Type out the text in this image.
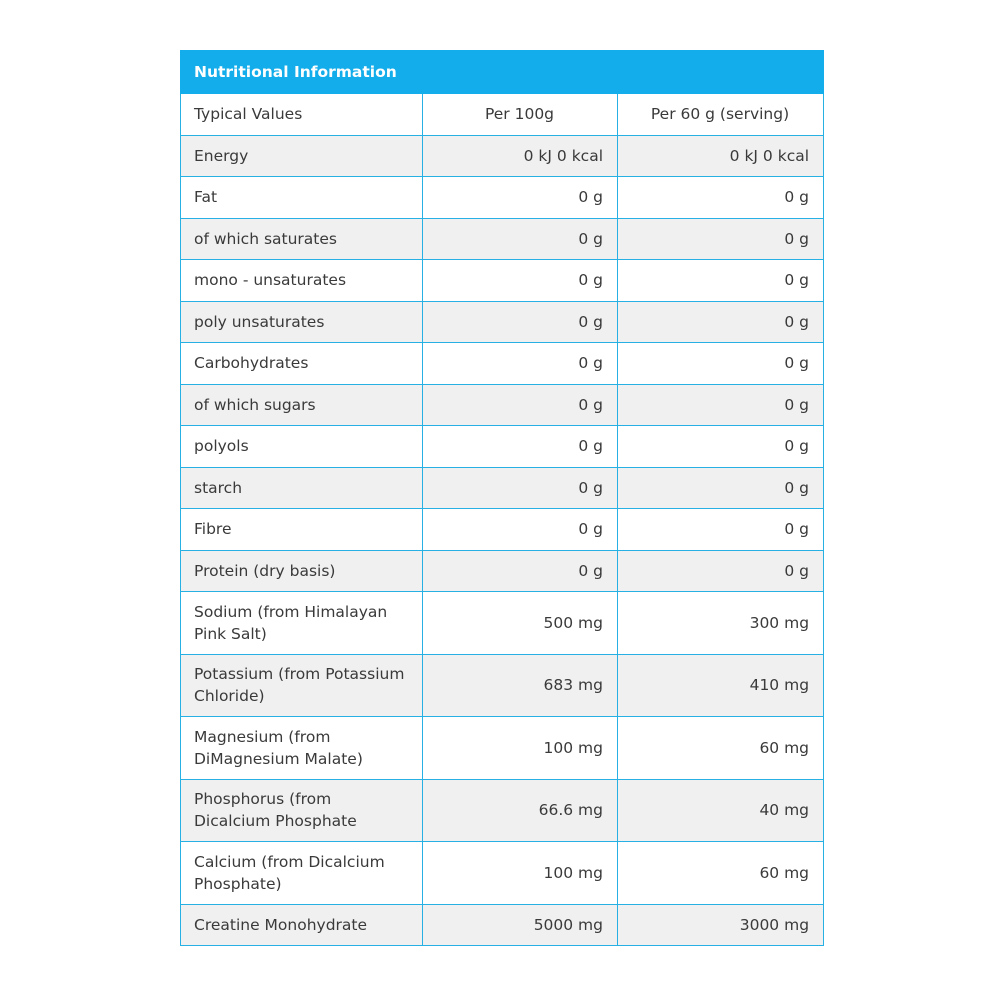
Nutritional Information		
Typical Values	Per 100g	Per 60 g (serving)
Energy	0 kJ 0 kcal	0 kJ 0 kcal
Fat	0 g	0 g
of which saturates	0 g	0 g
mono - unsaturates	0 g	0 g
poly unsaturates	0 g	0 g
Carbohydrates	0 g	0 g
of which sugars	0 g	0 g
polyols	0 g	0 g
starch	0 g	0 g
Fibre	0 g	0 g
Protein (dry basis)	0 g	0 g
Sodium (from Himalayan Pink Salt)	500 mg	300 mg
Potassium (from Potassium Chloride)	683 mg	410 mg
Magnesium (from DiMagnesium Malate)	100 mg	60 mg
Phosphorus (from Dicalcium Phosphate	66.6 mg	40 mg
Calcium (from Dicalcium Phosphate)	100 mg	60 mg
Creatine Monohydrate	5000 mg	3000 mg
